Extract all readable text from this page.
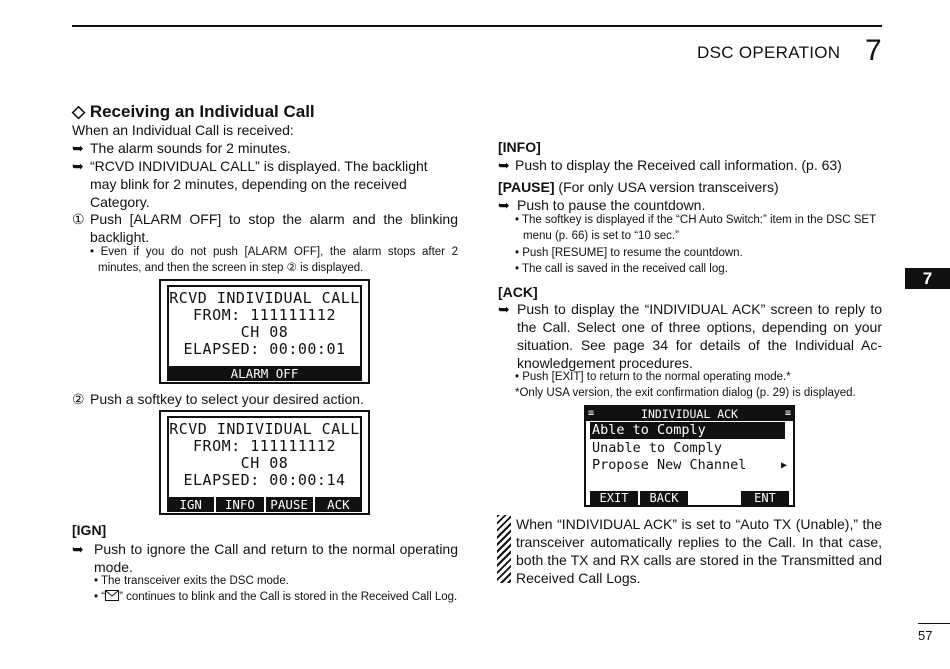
DSC OPERATION 7
7
◇ Receiving an Individual Call
When an Individual Call is received:
➥ The alarm sounds for 2 minutes.
➥ “RCVD INDIVIDUAL CALL” is displayed. The backlight may blink for 2 minutes, depending on the received Category.
① Push [ALARM OFF] to stop the alarm and the blinking backlight.
• Even if you do not push [ALARM OFF], the alarm stops after 2 minutes, and then the screen in step ② is displayed.
RCVD INDIVIDUAL CALL
FROM: 111111112
CH 08
ELAPSED: 00:00:01
ALARM OFF
② Push a softkey to select your desired action.
RCVD INDIVIDUAL CALL
FROM: 111111112
CH 08
ELAPSED: 00:00:14
IGN	INFO	PAUSE	ACK
[IGN]
➥ Push to ignore the Call and return to the normal operating mode.
• The transceiver exits the DSC mode.
• “ ” continues to blink and the Call is stored in the Received Call Log.
[INFO]
➥ Push to display the Received call information. (p. 63)
[PAUSE] (For only USA version transceivers)
➥ Push to pause the countdown.
• The softkey is displayed if the “CH Auto Switch:” item in the DSC SET menu (p. 66) is set to “10 sec.”
• Push [RESUME] to resume the countdown.
• The call is saved in the received call log.
[ACK]
➥ Push to display the “INDIVIDUAL ACK” screen to reply to the Call. Select one of three options, depending on your situation. See page 34 for details of the Individual Ac-knowledgement procedures.
• Push [EXIT] to return to the normal operating mode.*
*Only USA version, the exit confirmation dialog (p. 29) is displayed.
≡	INDIVIDUAL ACK	≡
Able to Comply
Unable to Comply
Propose New Channel	▶
EXIT	BACK	ENT
When “INDIVIDUAL ACK” is set to “Auto TX (Unable),” the transceiver automatically replies to the Call. In that case, both the TX and RX calls are stored in the Transmitted and Received Call Logs.
57
